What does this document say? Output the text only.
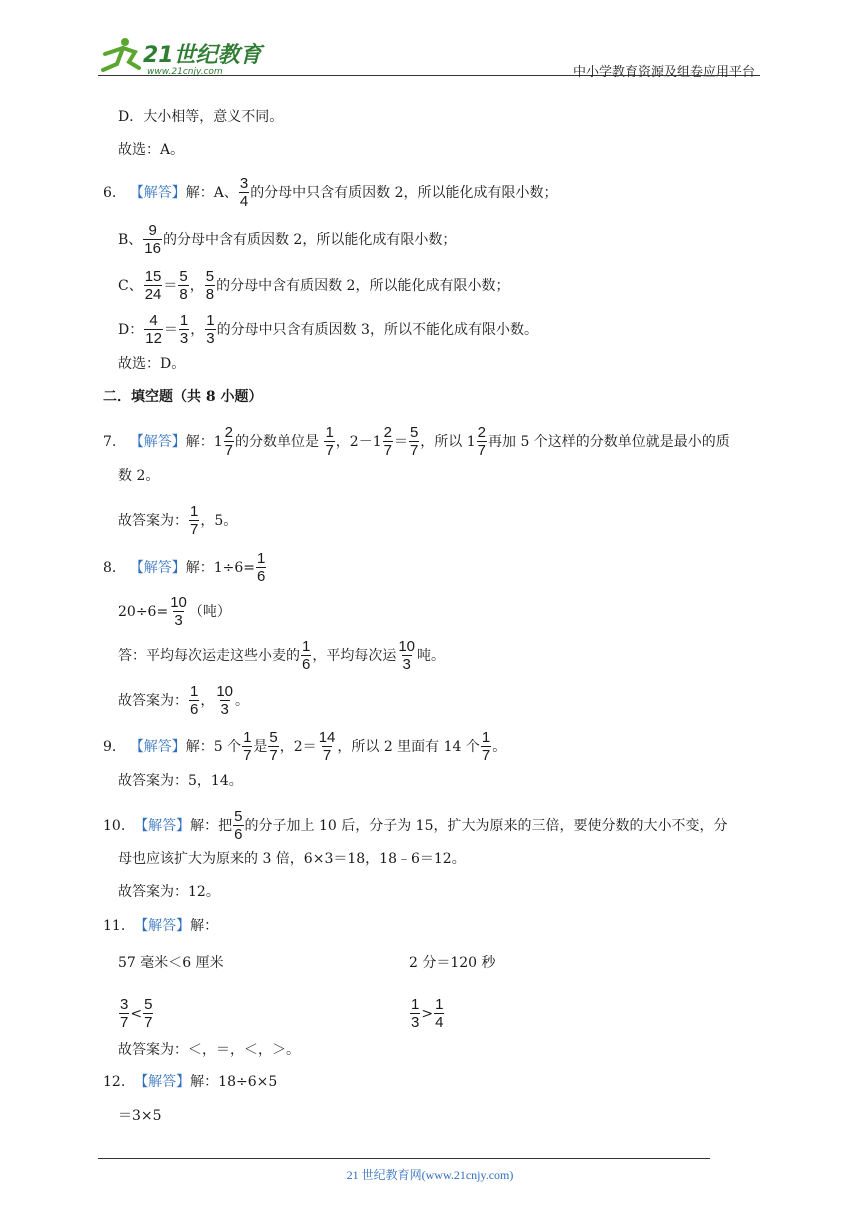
21世纪教育
www.21cnjy.com	中小学教育资源及组卷应用平台
D．大小相等，意义不同。
故选：A。
6.
【解答】 解：A、 $\frac{3}{4}$ 的分母中只含有质因数 2，所以能化成有限小数；
B、 $\frac{9}{16}$ 的分母中含有质因数 2，所以能化成有限小数；
C、 $\frac{15}{24} = \frac{5}{8}$ ， $\frac{5}{8}$ 的分母中含有质因数 2，所以能化成有限小数；
D： $\frac{4}{12} = \frac{1}{3}$ ， $\frac{1}{3}$ 的分母中只含有质因数 3，所以不能化成有限小数。
故选：D。
二．填空题（共 8 小题）
7.
【解答】 解：$1 \frac{2}{7}$ 的分数单位是
$\frac{1}{7}$ ，$2-1 \frac{2}{7} = \frac{5}{7}$ ，所以 $1 \frac{2}{7}$ 再加 5 个这样的分数单位就是最小的质
数 2。
故答案为： $\frac{1}{7}$ ，5。
8.
【解答】 解：$1\div 6= \frac{1}{6}$
$20\div 6= \frac{10}{3}$ （吨）
答：平均每次运走这些小麦的 $\frac{1}{6}$ ，平均每次运 $\frac{10}{3}$ 吨。
故答案为： $\frac{1}{6}$ ， $\frac{10}{3}$ 。
9.
【解答】 解：5 个 $\frac{1}{7}$ 是 $\frac{5}{7}$ ，$2= \frac{14}{7}$ ，所以 2 里面有 14 个 $\frac{1}{7}$ 。
故答案为：5，14。
10.
【解答】 解：把 $\frac{5}{6}$ 的分子加上 10 后，分子为 15，扩大为原来的三倍，要使分数的大小不变，分
母也应该扩大为原来的 3 倍，6×3＝18，18﹣6＝12。
故答案为：12。
11.
【解答】 解：
57 毫米＜6 厘米	2 分＝120 秒
$\frac{3}{7} < \frac{5}{7}$	$\frac{1}{3} > \frac{1}{4}$
故答案为：＜，＝，＜，＞。
12.
【解答】 解：18÷6×5
＝3×5
21 世纪教育网(www.21cnjy.com)
